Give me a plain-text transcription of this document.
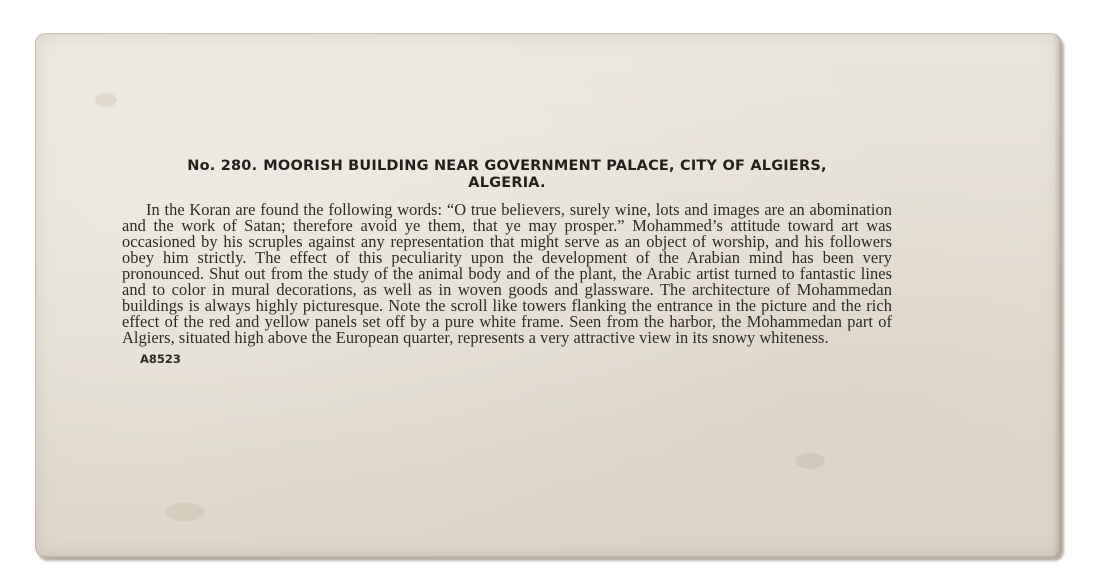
No. 280. MOORISH BUILDING NEAR GOVERNMENT PALACE, CITY OF ALGIERS,
ALGERIA.

In the Koran are found the following words: “O true believers, surely wine, lots and images are an abomination and the work of Satan; therefore avoid ye them, that ye may prosper.” Mohammed’s attitude toward art was occasioned by his scruples against any representation that might serve as an object of worship, and his followers obey him strictly. The effect of this peculiarity upon the development of the Arabian mind has been very pronounced. Shut out from the study of the animal body and of the plant, the Arabic artist turned to fantastic lines and to color in mural decorations, as well as in woven goods and glassware. The architecture of Mohammedan buildings is always highly picturesque. Note the scroll like towers flanking the entrance in the picture and the rich effect of the red and yellow panels set off by a pure white frame. Seen from the harbor, the Mohammedan part of Algiers, situated high above the European quarter, represents a very attractive view in its snowy whiteness.

A8523
